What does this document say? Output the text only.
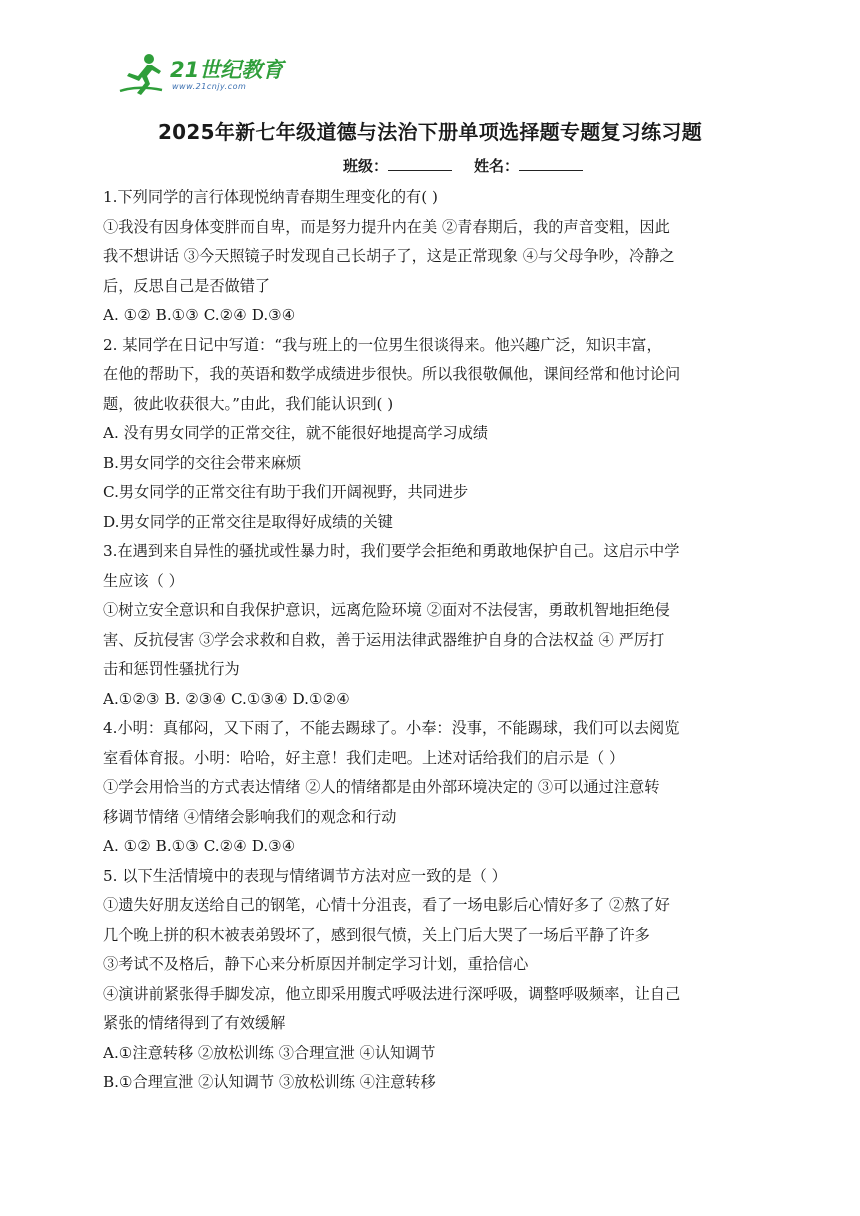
21世纪教育
www.21cnjy.com
2025年新七年级道德与法治下册单项选择题专题复习练习题
班级：	姓名：
1.下列同学的言行体现悦纳青春期生理变化的有( )
①我没有因身体变胖而自卑，而是努力提升内在美 ②青春期后，我的声音变粗，因此
我不想讲话 ③今天照镜子时发现自己长胡子了，这是正常现象 ④与父母争吵，冷静之
后，反思自己是否做错了
A. ①② B.①③ C.②④ D.③④
2. 某同学在日记中写道：“我与班上的一位男生很谈得来。他兴趣广泛，知识丰富，
在他的帮助下，我的英语和数学成绩进步很快。所以我很敬佩他，课间经常和他讨论问
题，彼此收获很大。”由此，我们能认识到( )
A. 没有男女同学的正常交往，就不能很好地提高学习成绩
B.男女同学的交往会带来麻烦
C.男女同学的正常交往有助于我们开阔视野，共同进步
D.男女同学的正常交往是取得好成绩的关键
3.在遇到来自异性的骚扰或性暴力时，我们要学会拒绝和勇敢地保护自己。这启示中学
生应该（ ）
①树立安全意识和自我保护意识，远离危险环境 ②面对不法侵害，勇敢机智地拒绝侵
害、反抗侵害 ③学会求救和自救，善于运用法律武器维护自身的合法权益 ④ 严厉打
击和惩罚性骚扰行为
A.①②③ B. ②③④ C.①③④ D.①②④
4.小明：真郁闷，又下雨了，不能去踢球了。小奉：没事，不能踢球，我们可以去阅览
室看体育报。小明：哈哈，好主意！我们走吧。上述对话给我们的启示是（ ）
①学会用恰当的方式表达情绪 ②人的情绪都是由外部环境决定的 ③可以通过注意转
移调节情绪 ④情绪会影响我们的观念和行动
A. ①② B.①③ C.②④ D.③④
5. 以下生活情境中的表现与情绪调节方法对应一致的是（ ）
①遗失好朋友送给自己的钢笔，心情十分沮丧，看了一场电影后心情好多了 ②熬了好
几个晚上拼的积木被表弟毁坏了，感到很气愤，关上门后大哭了一场后平静了许多
③考试不及格后，静下心来分析原因并制定学习计划，重拾信心
④演讲前紧张得手脚发凉，他立即采用腹式呼吸法进行深呼吸，调整呼吸频率，让自己
紧张的情绪得到了有效缓解
A.①注意转移 ②放松训练 ③合理宣泄 ④认知调节
B.①合理宣泄 ②认知调节 ③放松训练 ④注意转移
